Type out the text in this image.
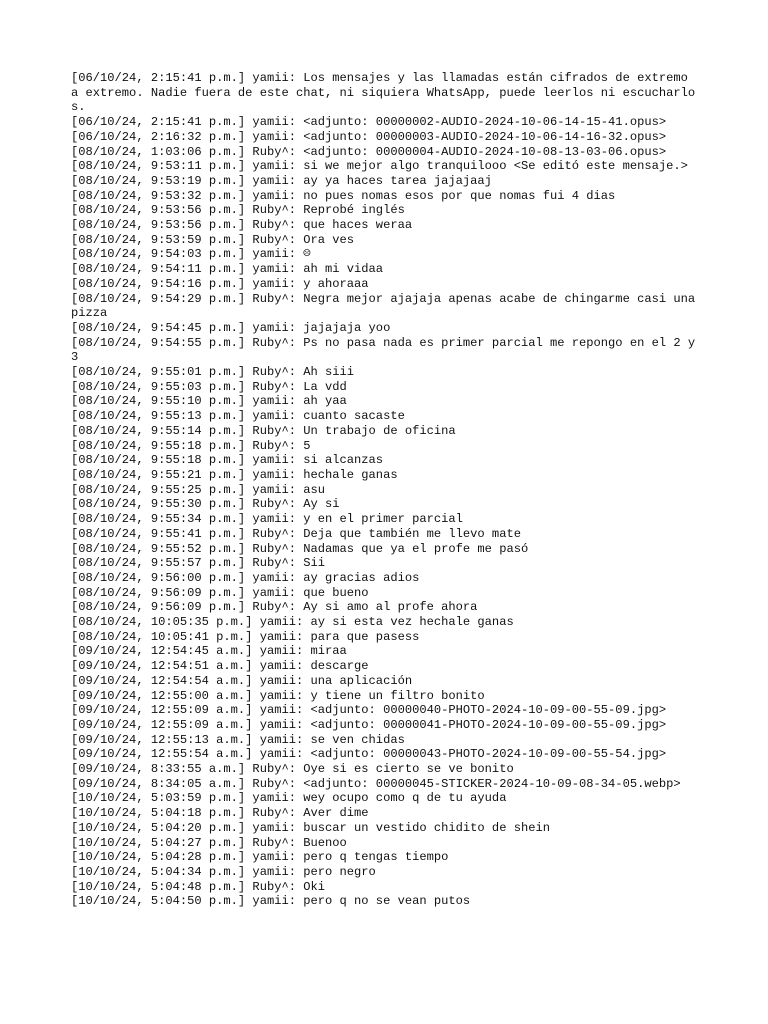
[06/10/24, 2:15:41 p.m.] yamii: Los mensajes y las llamadas están cifrados de extremo a extremo. Nadie fuera de este chat, ni siquiera WhatsApp, puede leerlos ni escucharlos.
[06/10/24, 2:15:41 p.m.] yamii: <adjunto: 00000002-AUDIO-2024-10-06-14-15-41.opus>
[06/10/24, 2:16:32 p.m.] yamii: <adjunto: 00000003-AUDIO-2024-10-06-14-16-32.opus>
[08/10/24, 1:03:06 p.m.] Ruby^: <adjunto: 00000004-AUDIO-2024-10-08-13-03-06.opus>
[08/10/24, 9:53:11 p.m.] yamii: si we mejor algo tranquilooo <Se editó este mensaje.>
[08/10/24, 9:53:19 p.m.] yamii: ay ya haces tarea jajajaaj
[08/10/24, 9:53:32 p.m.] yamii: no pues nomas esos por que nomas fui 4 dias
[08/10/24, 9:53:56 p.m.] Ruby^: Reprobé inglés
[08/10/24, 9:53:56 p.m.] Ruby^: que haces weraa
[08/10/24, 9:53:59 p.m.] Ruby^: Ora ves
[08/10/24, 9:54:03 p.m.] yamii: ☹
[08/10/24, 9:54:11 p.m.] yamii: ah mi vidaa
[08/10/24, 9:54:16 p.m.] yamii: y ahoraaa
[08/10/24, 9:54:29 p.m.] Ruby^: Negra mejor ajajaja apenas acabe de chingarme casi una pizza
[08/10/24, 9:54:45 p.m.] yamii: jajajaja yoo
[08/10/24, 9:54:55 p.m.] Ruby^: Ps no pasa nada es primer parcial me repongo en el 2 y 3
[08/10/24, 9:55:01 p.m.] Ruby^: Ah siii
[08/10/24, 9:55:03 p.m.] Ruby^: La vdd
[08/10/24, 9:55:10 p.m.] yamii: ah yaa
[08/10/24, 9:55:13 p.m.] yamii: cuanto sacaste
[08/10/24, 9:55:14 p.m.] Ruby^: Un trabajo de oficina
[08/10/24, 9:55:18 p.m.] Ruby^: 5
[08/10/24, 9:55:18 p.m.] yamii: si alcanzas
[08/10/24, 9:55:21 p.m.] yamii: hechale ganas
[08/10/24, 9:55:25 p.m.] yamii: asu
[08/10/24, 9:55:30 p.m.] Ruby^: Ay si
[08/10/24, 9:55:34 p.m.] yamii: y en el primer parcial
[08/10/24, 9:55:41 p.m.] Ruby^: Deja que también me llevo mate
[08/10/24, 9:55:52 p.m.] Ruby^: Nadamas que ya el profe me pasó
[08/10/24, 9:55:57 p.m.] Ruby^: Sii
[08/10/24, 9:56:00 p.m.] yamii: ay gracias adios
[08/10/24, 9:56:09 p.m.] yamii: que bueno
[08/10/24, 9:56:09 p.m.] Ruby^: Ay si amo al profe ahora
[08/10/24, 10:05:35 p.m.] yamii: ay si esta vez hechale ganas
[08/10/24, 10:05:41 p.m.] yamii: para que pasess
[09/10/24, 12:54:45 a.m.] yamii: miraa
[09/10/24, 12:54:51 a.m.] yamii: descarge
[09/10/24, 12:54:54 a.m.] yamii: una aplicación
[09/10/24, 12:55:00 a.m.] yamii: y tiene un filtro bonito
[09/10/24, 12:55:09 a.m.] yamii: <adjunto: 00000040-PHOTO-2024-10-09-00-55-09.jpg>
[09/10/24, 12:55:09 a.m.] yamii: <adjunto: 00000041-PHOTO-2024-10-09-00-55-09.jpg>
[09/10/24, 12:55:13 a.m.] yamii: se ven chidas
[09/10/24, 12:55:54 a.m.] yamii: <adjunto: 00000043-PHOTO-2024-10-09-00-55-54.jpg>
[09/10/24, 8:33:55 a.m.] Ruby^: Oye si es cierto se ve bonito
[09/10/24, 8:34:05 a.m.] Ruby^: <adjunto: 00000045-STICKER-2024-10-09-08-34-05.webp>
[10/10/24, 5:03:59 p.m.] yamii: wey ocupo como q de tu ayuda
[10/10/24, 5:04:18 p.m.] Ruby^: Aver dime
[10/10/24, 5:04:20 p.m.] yamii: buscar un vestido chidito de shein
[10/10/24, 5:04:27 p.m.] Ruby^: Buenoo
[10/10/24, 5:04:28 p.m.] yamii: pero q tengas tiempo
[10/10/24, 5:04:34 p.m.] yamii: pero negro
[10/10/24, 5:04:48 p.m.] Ruby^: Oki
[10/10/24, 5:04:50 p.m.] yamii: pero q no se vean putos
